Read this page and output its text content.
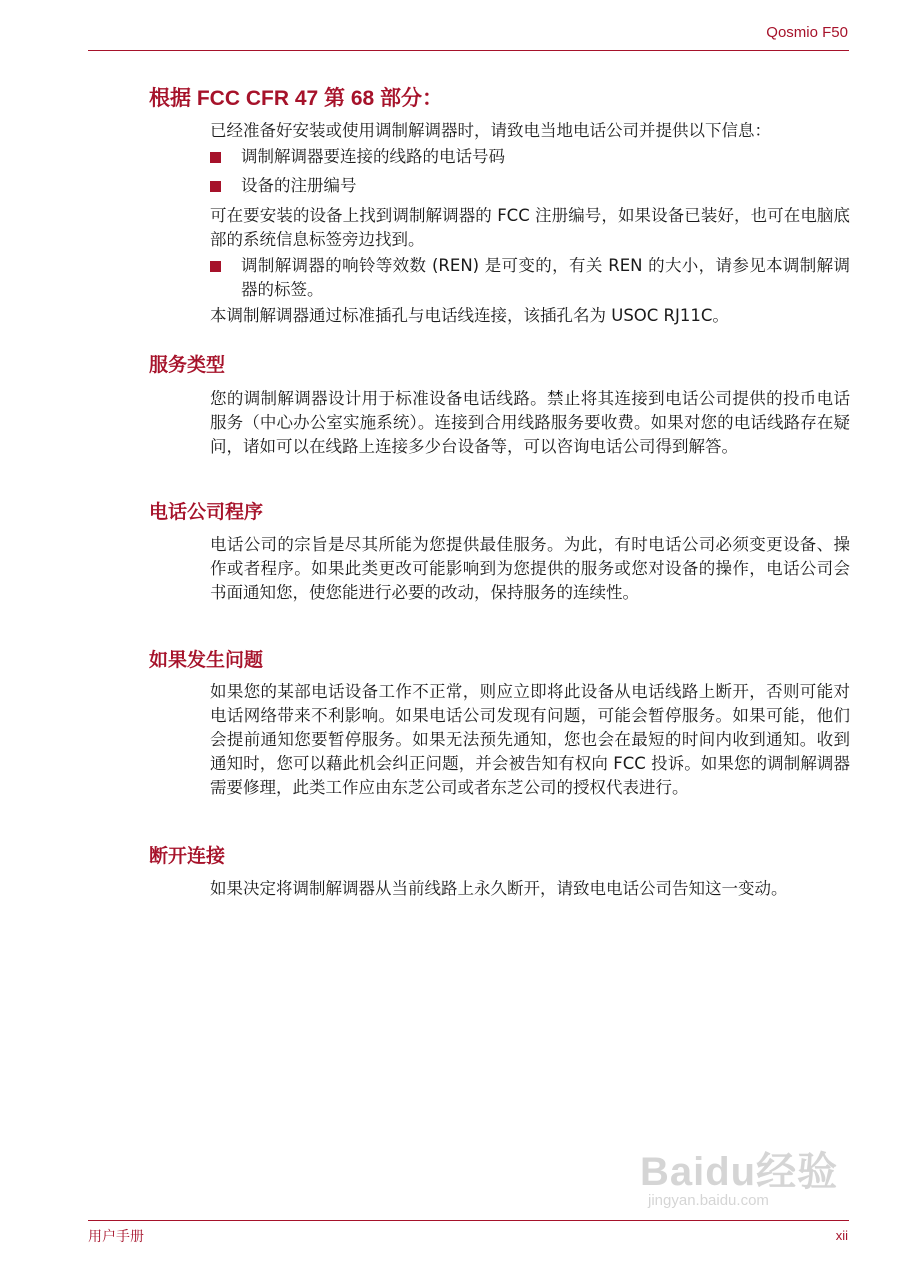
Qosmio F50
根据 FCC CFR 47 第 68 部分：

已经准备好安装或使用调制解调器时，请致电当地电话公司并提供以下信息：

调制解调器要连接的线路的电话号码
设备的注册编号

可在要安装的设备上找到调制解调器的 FCC 注册编号，如果设备已装好，也可在电脑底部的系统信息标签旁边找到。

调制解调器的响铃等效数 (REN) 是可变的，有关 REN 的大小，请参见本调制解调器的标签。

本调制解调器通过标准插孔与电话线连接，该插孔名为 USOC RJ11C。

服务类型

您的调制解调器设计用于标准设备电话线路。禁止将其连接到电话公司提供的投币电话服务（中心办公室实施系统）。连接到合用线路服务要收费。如果对您的电话线路存在疑问，诸如可以在线路上连接多少台设备等，可以咨询电话公司得到解答。

电话公司程序

电话公司的宗旨是尽其所能为您提供最佳服务。为此，有时电话公司必须变更设备、操作或者程序。如果此类更改可能影响到为您提供的服务或您对设备的操作，电话公司会书面通知您，使您能进行必要的改动，保持服务的连续性。

如果发生问题

如果您的某部电话设备工作不正常，则应立即将此设备从电话线路上断开，否则可能对电话网络带来不利影响。如果电话公司发现有问题，可能会暂停服务。如果可能，他们会提前通知您要暂停服务。如果无法预先通知，您也会在最短的时间内收到通知。收到通知时，您可以藉此机会纠正问题，并会被告知有权向 FCC 投诉。如果您的调制解调器需要修理，此类工作应由东芝公司或者东芝公司的授权代表进行。

断开连接

如果决定将调制解调器从当前线路上永久断开，请致电电话公司告知这一变动。

Baidu经验
jingyan.baidu.com
用户手册	xii
